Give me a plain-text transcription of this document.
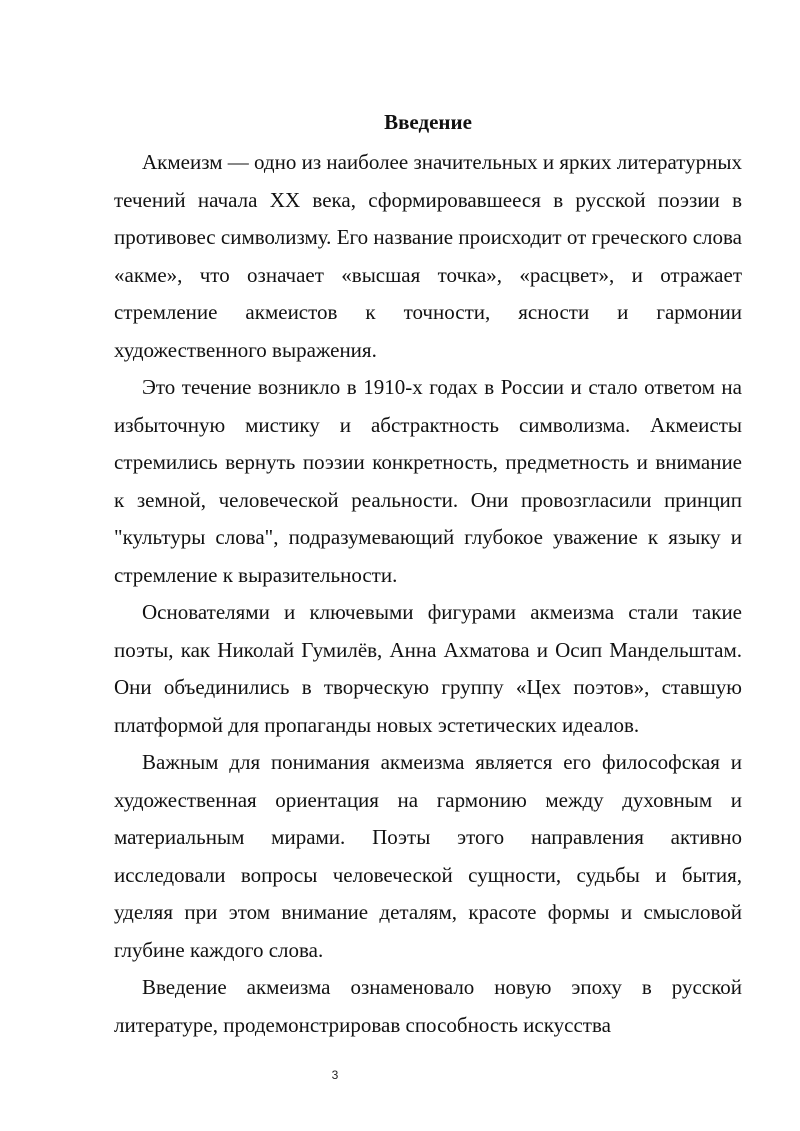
Введение

Акмеизм — одно из наиболее значительных и ярких литературных течений начала XX века, сформировавшееся в русской поэзии в противовес символизму. Его название происходит от греческого слова «акме», что означает «высшая точка», «расцвет», и отражает стремление акмеистов к точности, ясности и гармонии художественного выражения.

Это течение возникло в 1910-х годах в России и стало ответом на избыточную мистику и абстрактность символизма. Акмеисты стремились вернуть поэзии конкретность, предметность и внимание к земной, человеческой реальности. Они провозгласили принцип "культуры слова", подразумевающий глубокое уважение к языку и стремление к выразительности.

Основателями и ключевыми фигурами акмеизма стали такие поэты, как Николай Гумилёв, Анна Ахматова и Осип Мандельштам. Они объединились в творческую группу «Цех поэтов», ставшую платформой для пропаганды новых эстетических идеалов.

Важным для понимания акмеизма является его философская и художественная ориентация на гармонию между духовным и материальным мирами. Поэты этого направления активно исследовали вопросы человеческой сущности, судьбы и бытия, уделяя при этом внимание деталям, красоте формы и смысловой глубине каждого слова.

Введение акмеизма ознаменовало новую эпоху в русской литературе, продемонстрировав способность искусства

3
